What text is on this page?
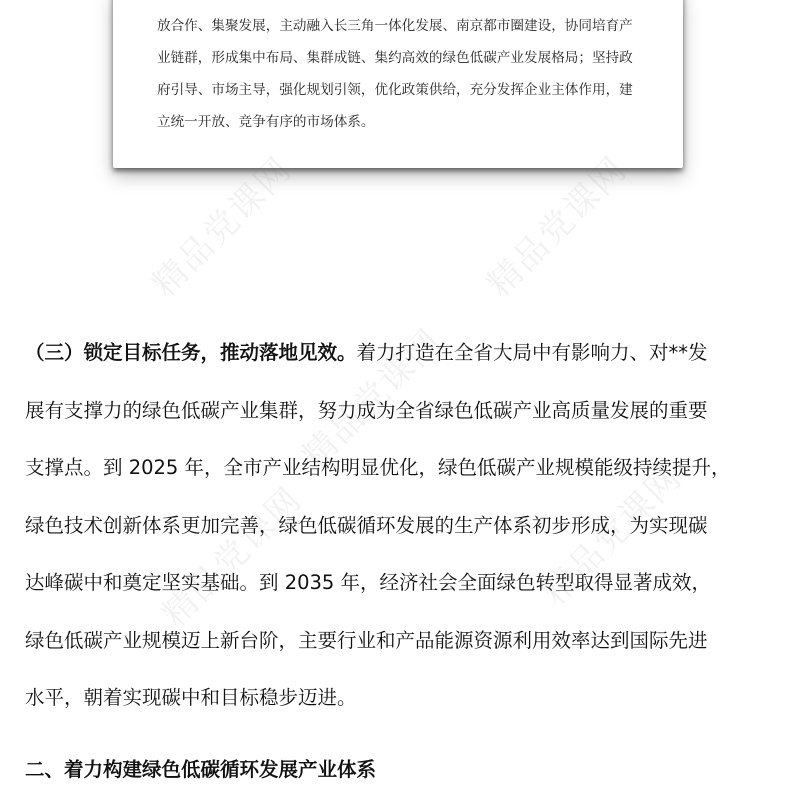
放合作、集聚发展，主动融入长三角一体化发展、南京都市圈建设，协同培育产
业链群，形成集中布局、集群成链、集约高效的绿色低碳产业发展格局；坚持政
府引导、市场主导，强化规划引领，优化政策供给，充分发挥企业主体作用，建
立统一开放、竞争有序的市场体系。
精品党课网	精品党课网
精品党课网
精品党课网
精品党课网
（三）锁定目标任务，推动落地见效。着力打造在全省大局中有影响力、对**发
展有支撑力的绿色低碳产业集群，努力成为全省绿色低碳产业高质量发展的重要
支撑点。到 2025 年，全市产业结构明显优化，绿色低碳产业规模能级持续提升，
绿色技术创新体系更加完善，绿色低碳循环发展的生产体系初步形成，为实现碳
达峰碳中和奠定坚实基础。到 2035 年，经济社会全面绿色转型取得显著成效，
绿色低碳产业规模迈上新台阶，主要行业和产品能源资源利用效率达到国际先进
水平，朝着实现碳中和目标稳步迈进。
二、着力构建绿色低碳循环发展产业体系
